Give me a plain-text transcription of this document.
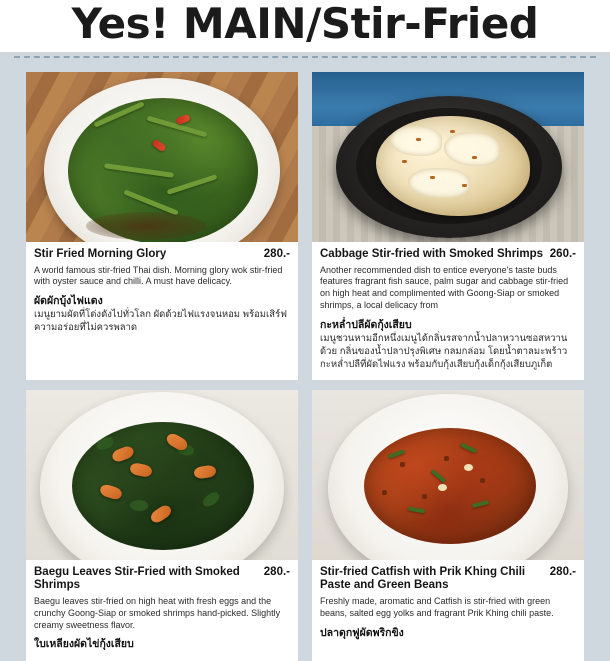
Yes! MAIN/Stir-Fried
Stir Fried Morning Glory	280.-
A world famous stir-fried Thai dish. Morning glory wok stir-fried with oyster sauce and chilli. A must have delicacy.
ผัดผักบุ้งไฟแดง
เมนูยามผัดที่โด่งดังไปทั่วโลก ผัดด้วยไฟแรงจนหอม พร้อมเสิร์ฟความอร่อยที่ไม่ควรพลาด
Cabbage Stir-fried with Smoked Shrimps 260.-
Another recommended dish to entice everyone's taste buds features fragrant fish sauce, palm sugar and cabbage stir-fried on high heat and complimented with Goong-Siap or smoked shrimps, a local delicacy from
กะหล่ำปลีผัดกุ้งเสียบ
เมนูชวนหามอีกหนึ่งเมนูได้กลิ่นรสจากน้ำปลาหวานซอสหวานด้วย กลิ่นของน้ำปลาปรุงพิเศษ กลมกล่อม โดยน้ำตาลมะพร้าว กะหล่ำปลีที่ผัดไฟแรง พร้อมกับกุ้งเสียบกุ้งเด็กกุ้งเสียบภูเก็ต
Baegu Leaves Stir-Fried with Smoked Shrimps
280.-
Baegu leaves stir-fried on high heat with fresh eggs and the crunchy Goong-Siap or smoked shrimps hand-picked. Slightly creamy sweetness flavor.
ใบเหลียงผัดไข่กุ้งเสียบ
Stir-fried Catfish with Prik Khing Chili Paste and Green Beans
280.-
Freshly made, aromatic and Catfish is stir-fried with green beans, salted egg yolks and fragrant Prik Khing chili paste.
ปลาดุกฟูผัดพริกขิง
